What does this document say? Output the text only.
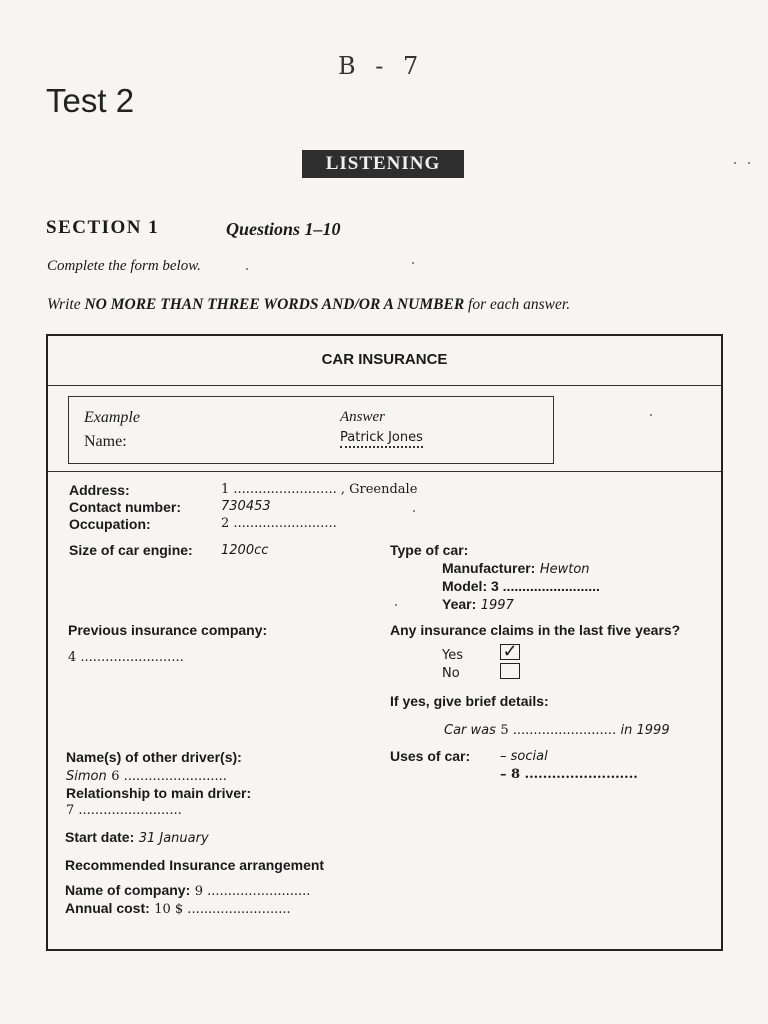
B - 7
Test 2
LISTENING
SECTION 1	Questions 1–10
Complete the form below.
Write NO MORE THAN THREE WORDS AND/OR A NUMBER for each answer.
CAR INSURANCE
Example	Answer
Name:	Patrick Jones
Address:	1 ......................... , Greendale
Contact number:	730453
Occupation:	2 .........................
Size of car engine: 1200cc
Previous insurance company:
4 .........................
Name(s) of other driver(s):
Simon 6 .........................
Relationship to main driver:
7 .........................
Start date: 31 January
Recommended Insurance arrangement
Name of company: 9 .........................
Annual cost: 10 $ .........................
Type of car:
Manufacturer: Hewton
Model: 3 .........................
Year: 1997
Any insurance claims in the last five years?
Yes ✓
No
If yes, give brief details:
Car was 5 ......................... in 1999
Uses of car: – social
– 8 .........................
